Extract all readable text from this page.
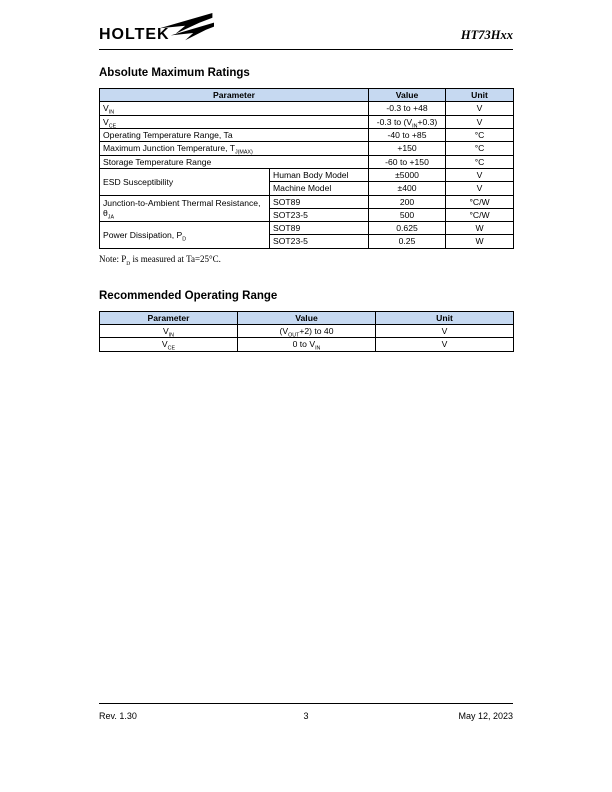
HOLTEK	HT73Hxx
Absolute Maximum Ratings
Parameter		Value	Unit
$V_{IN}$		-0.3 to +48	V
$V_{CE}$		-0.3 to $(V_{IN}+0.3)$	V
Operating Temperature Range, Ta		-40 to +85	°C
Maximum Junction Temperature, $T_{J(MAX)}$		+150	°C
Storage Temperature Range		-60 to +150	°C
ESD Susceptibility	Human Body Model	±5000	V
	Machine Model	±400	V
Junction-to-Ambient Thermal Resistance, $\theta_{JA}$	SOT89	200	°C/W
	SOT23-5	500	°C/W
Power Dissipation, $P_D$	SOT89	0.625	W
	SOT23-5	0.25	W

Note: $P_D$ is measured at Ta=25°C.

Recommended Operating Range
Parameter	Value	Unit
$V_{IN}$	$(V_{OUT}+2)$ to 40	V
$V_{CE}$	0 to $V_{IN}$	V
Rev. 1.30	3	May 12, 2023
